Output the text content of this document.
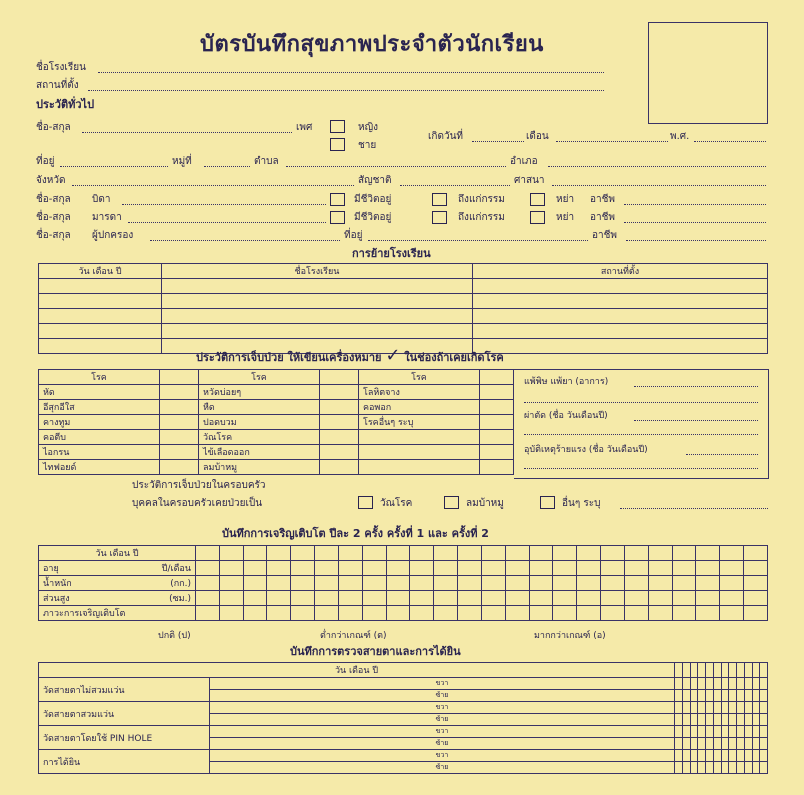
บัตรบันทึกสุขภาพประจำตัวนักเรียน
ชื่อโรงเรียน
สถานที่ตั้ง
ประวัติทั่วไป
ชื่อ-สกุล	เพศ	หญิง
ชาย
เกิดวันที่	เดือน	พ.ศ.
ที่อยู่	หมู่ที่	ตำบล	อำเภอ
จังหวัด	สัญชาติ	ศาสนา
ชื่อ-สกุล บิดา	มีชีวิตอยู่	ถึงแก่กรรม	หย่า อาชีพ
ชื่อ-สกุล มารดา	มีชีวิตอยู่	ถึงแก่กรรม	หย่า อาชีพ
ชื่อ-สกุล ผู้ปกครอง	ที่อยู่	อาชีพ
การย้ายโรงเรียน
วัน เดือน ปี	ชื่อโรงเรียน	สถานที่ตั้ง

ประวัติการเจ็บป่วย ให้เขียนเครื่องหมาย ✓ ในช่องถ้าเคยเกิดโรค
โรค		โรค		โรค	
หัด		หวัดบ่อยๆ		โลหิตจาง	
อีสุกอีใส		หืด		คอพอก	
คางทูม		ปอดบวม		โรคอื่นๆ ระบุ	
คอตีบ		วัณโรค			
ไอกรน		ไข้เลือดออก			
ไทฟอยด์		ลมบ้าหมู			
แพ้พิษ แพ้ยา (อาการ)
ผ่าตัด (ชื่อ วันเดือนปี)
อุบัติเหตุร้ายแรง (ชื่อ วันเดือนปี)
ประวัติการเจ็บป่วยในครอบครัว
บุคคลในครอบครัวเคยป่วยเป็น	วัณโรค	ลมบ้าหมู	อื่นๆ ระบุ
บันทึกการเจริญเติบโต ปีละ 2 ครั้ง ครั้งที่ 1 และ ครั้งที่ 2
วัน เดือน ปี																								
อายุ ปี/เดือน																								

น้ำหนัก (กก.)																								

ส่วนสูง (ซม.)																								

ภาวะการเจริญเติบโต																								
ปกติ (ป)	ต่ำกว่าเกณฑ์ (ต)	มากกว่าเกณฑ์ (อ)
บันทึกการตรวจสายตาและการได้ยิน
วัน เดือน ปี													
วัดสายตาไม่สวมแว่น	ขวา												
	ซ้าย												
วัดสายตาสวมแว่น	ขวา												
	ซ้าย												
วัดสายตาโดยใช้ PIN HOLE	ขวา												
	ซ้าย												
การได้ยิน	ขวา												
	ซ้าย												
